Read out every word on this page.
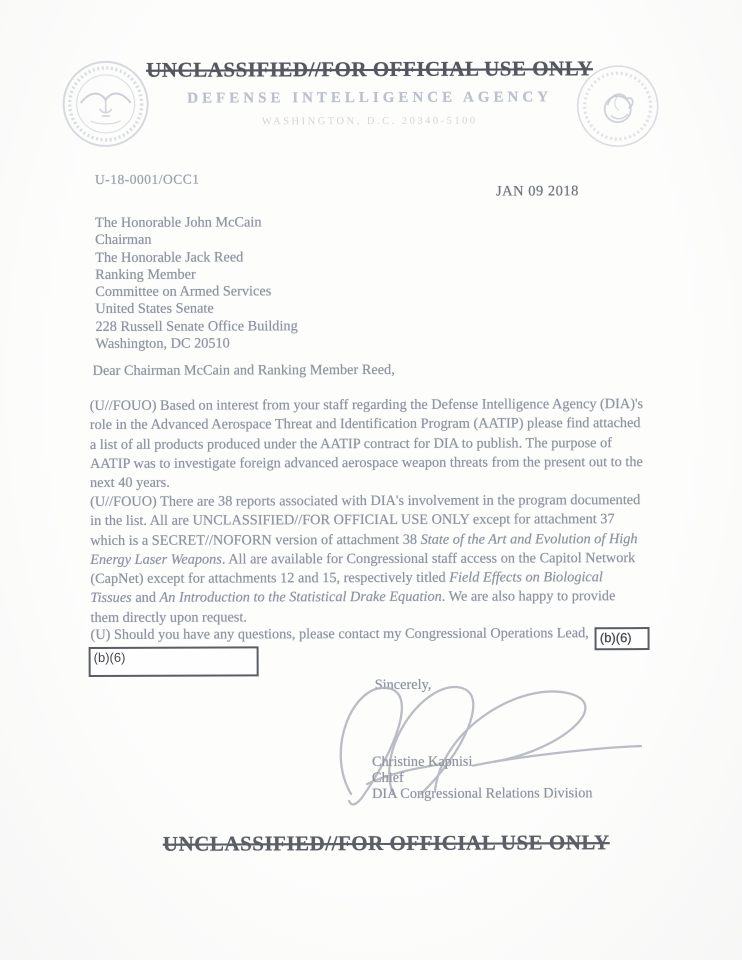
UNCLASSIFIED//FOR OFFICIAL USE ONLY
DEFENSE INTELLIGENCE AGENCY
WASHINGTON, D.C. 20340-5100
U-18-0001/OCC1
JAN 09 2018
The Honorable John McCain
Chairman
The Honorable Jack Reed
Ranking Member
Committee on Armed Services
United States Senate
228 Russell Senate Office Building
Washington, DC 20510
Dear Chairman McCain and Ranking Member Reed,
(U//FOUO) Based on interest from your staff regarding the Defense Intelligence Agency (DIA)'s
role in the Advanced Aerospace Threat and Identification Program (AATIP) please find attached
a list of all products produced under the AATIP contract for DIA to publish. The purpose of
AATIP was to investigate foreign advanced aerospace weapon threats from the present out to the
next 40 years.
(U//FOUO) There are 38 reports associated with DIA's involvement in the program documented
in the list. All are UNCLASSIFIED//FOR OFFICIAL USE ONLY except for attachment 37
which is a SECRET//NOFORN version of attachment 38 State of the Art and Evolution of High
Energy Laser Weapons. All are available for Congressional staff access on the Capitol Network
(CapNet) except for attachments 12 and 15, respectively titled Field Effects on Biological
Tissues and An Introduction to the Statistical Drake Equation. We are also happy to provide
them directly upon request.
(U) Should you have any questions, please contact my Congressional Operations Lead, (b)(6)
(b)(6)
Sincerely,
Christine Kapnisi
Chief
DIA Congressional Relations Division
UNCLASSIFIED//FOR OFFICIAL USE ONLY
